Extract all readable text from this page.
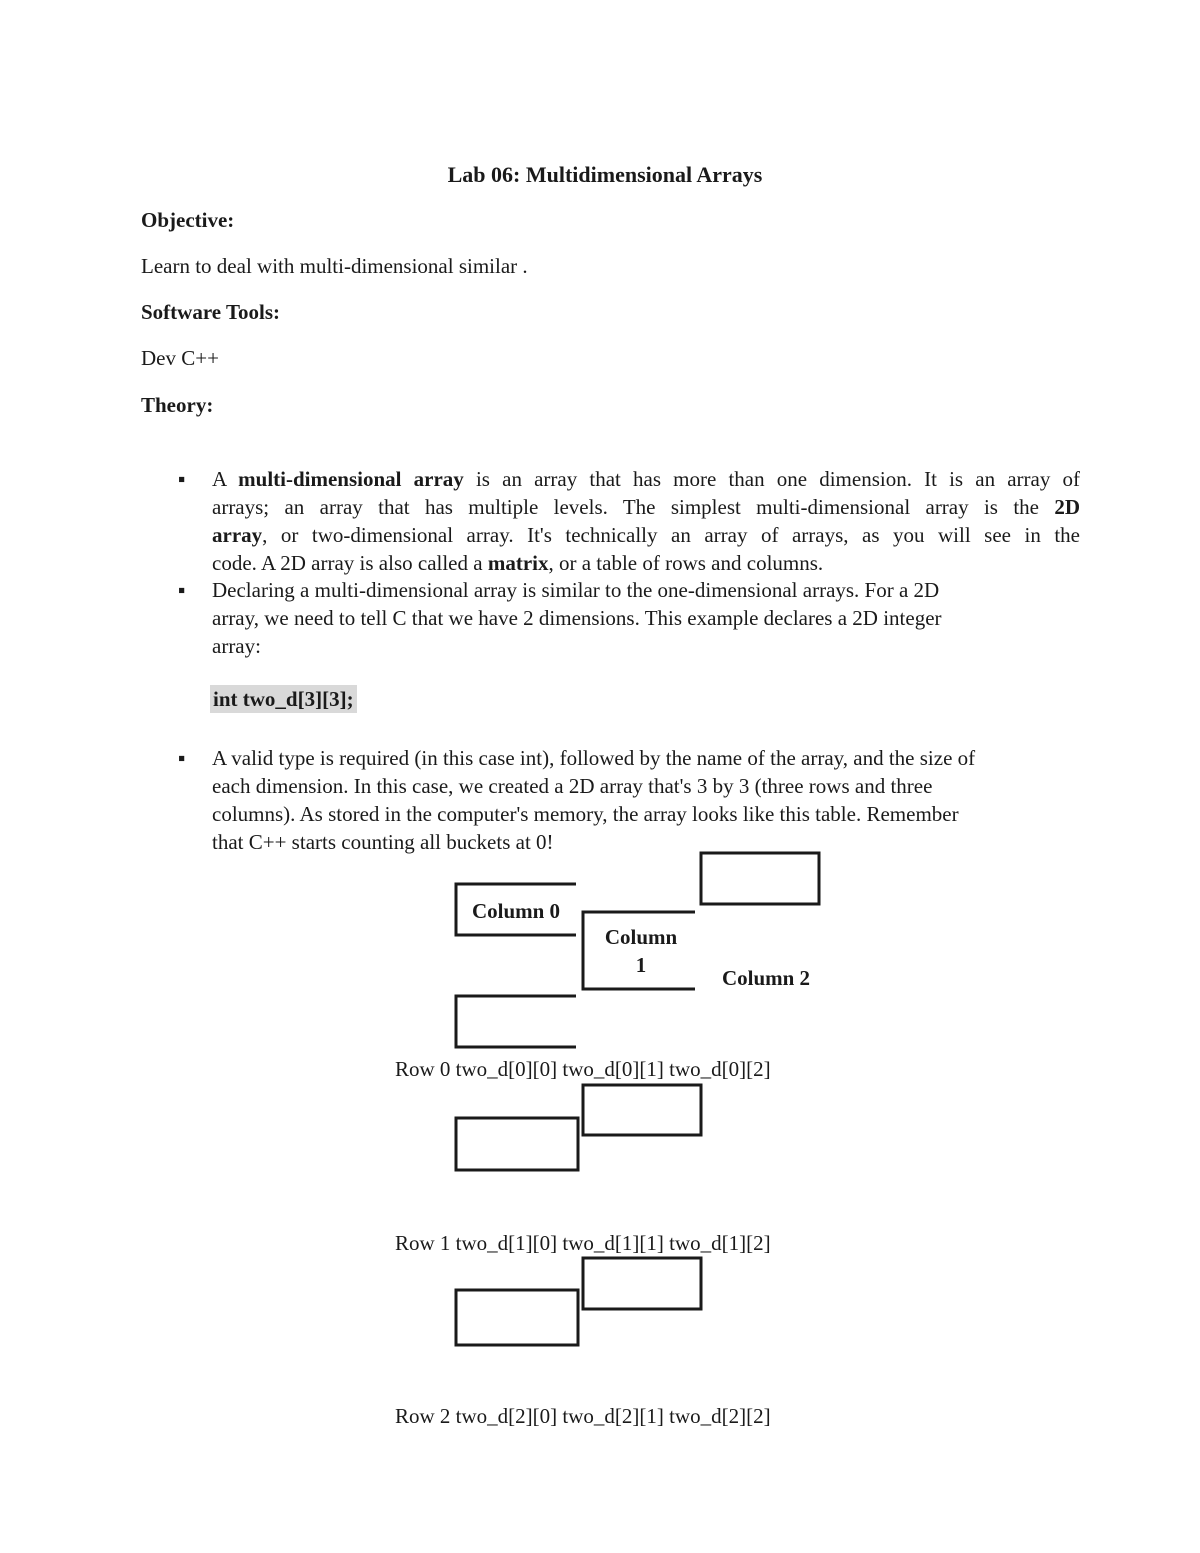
Lab 06: Multidimensional Arrays
Objective:
Learn to deal with multi-dimensional similar .
Software Tools:
Dev C++
Theory:
▪ A multi-dimensional array is an array that has more than one dimension. It is an array of
arrays; an array that has multiple levels. The simplest multi-dimensional array is the 2D
array, or two-dimensional array. It's technically an array of arrays, as you will see in the
code. A 2D array is also called a matrix, or a table of rows and columns.
▪ Declaring a multi-dimensional array is similar to the one-dimensional arrays. For a 2D
array, we need to tell C that we have 2 dimensions. This example declares a 2D integer
array:
int two_d[3][3];
▪ A valid type is required (in this case int), followed by the name of the array, and the size of
each dimension. In this case, we created a 2D array that's 3 by 3 (three rows and three
columns). As stored in the computer's memory, the array looks like this table. Remember
that C++ starts counting all buckets at 0!
Column 0
Column
1
Column 2
Row 0 two_d[0][0] two_d[0][1] two_d[0][2]
Row 1 two_d[1][0] two_d[1][1] two_d[1][2]
Row 2 two_d[2][0] two_d[2][1] two_d[2][2]
